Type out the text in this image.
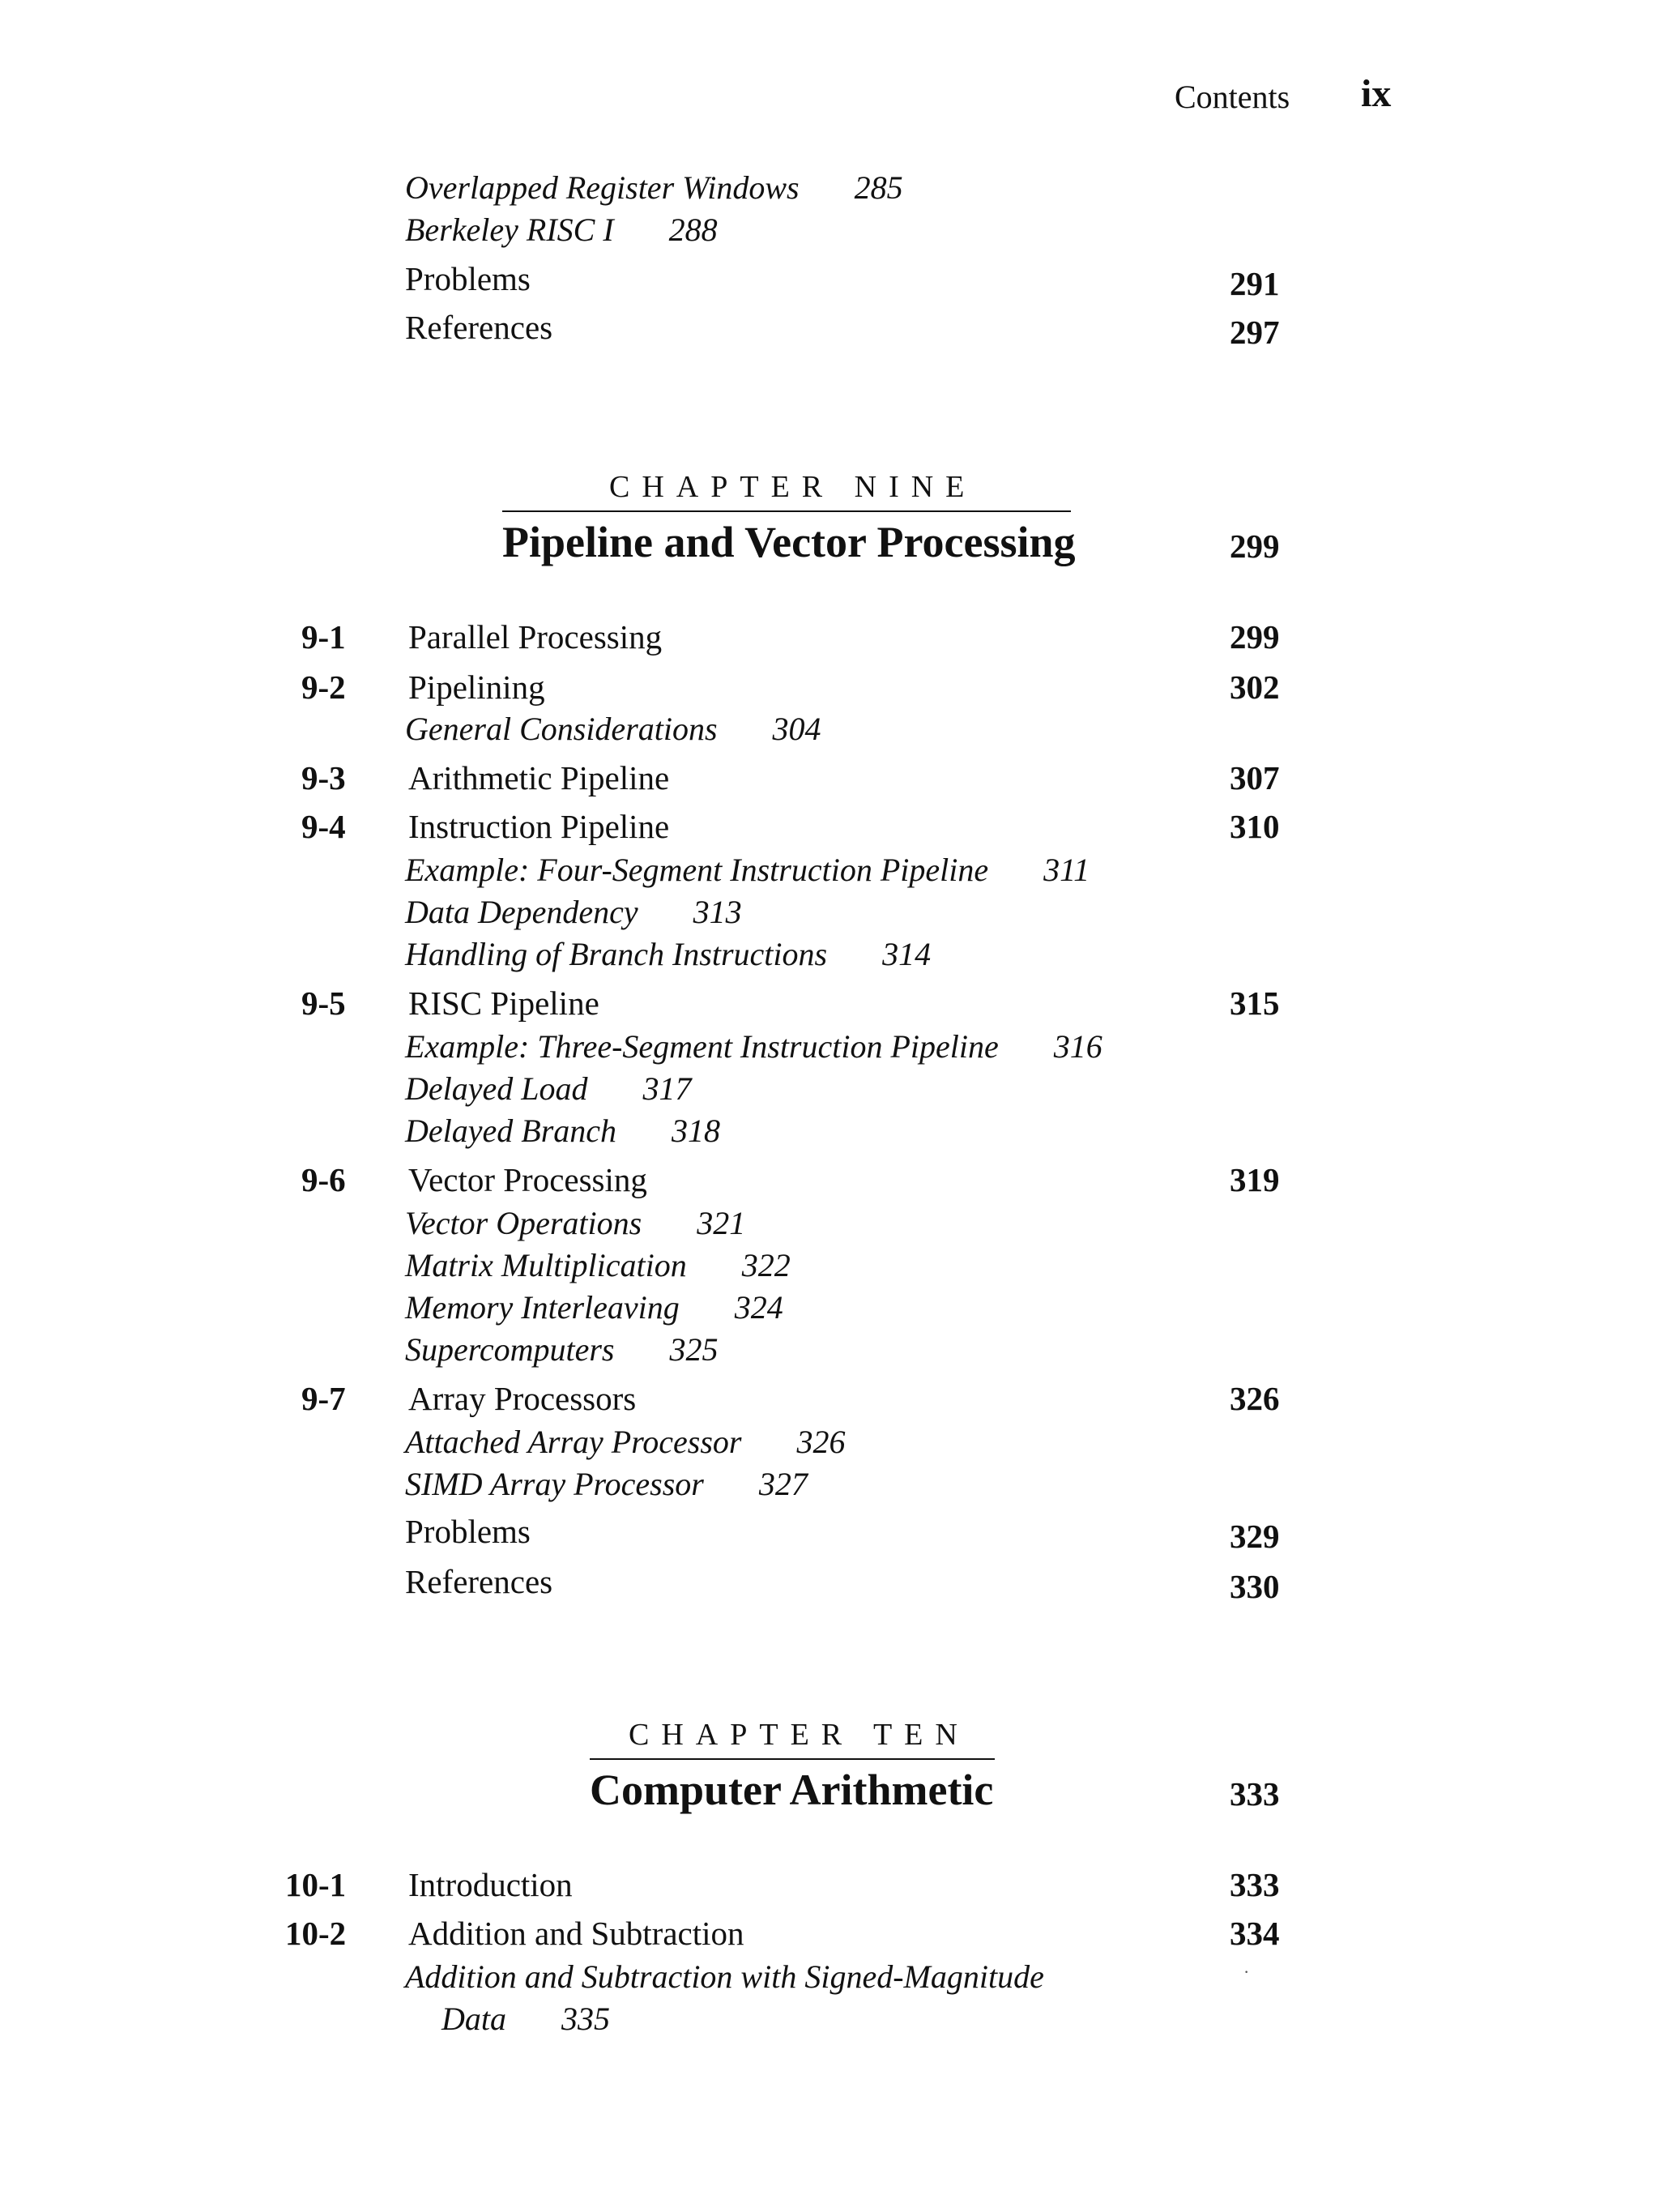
Contents ix
Overlapped Register Windows 285
Berkeley RISC I 288
Problems	291
References	297
CHAPTER NINE
Pipeline and Vector Processing	299
9-1 Parallel Processing	299
9-2 Pipelining	302
General Considerations 304
9-3 Arithmetic Pipeline	307
9-4 Instruction Pipeline	310
Example: Four-Segment Instruction Pipeline 311
Data Dependency 313
Handling of Branch Instructions 314
9-5 RISC Pipeline	315
Example: Three-Segment Instruction Pipeline 316
Delayed Load 317
Delayed Branch 318
9-6 Vector Processing	319
Vector Operations 321
Matrix Multiplication 322
Memory Interleaving 324
Supercomputers 325
9-7 Array Processors	326
Attached Array Processor 326
SIMD Array Processor 327
Problems	329
References	330
CHAPTER TEN
Computer Arithmetic	333
10-1 Introduction	333
10-2 Addition and Subtraction	334
Addition and Subtraction with Signed-Magnitude
Data 335
·
